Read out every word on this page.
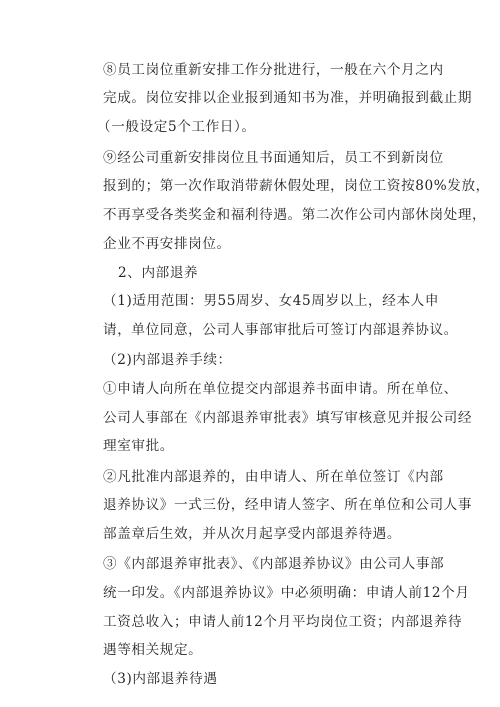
⑧员工岗位重新安排工作分批进行，一般在六个月之内
完成。岗位安排以企业报到通知书为准，并明确报到截止期
（一般设定5个工作日）。
⑨经公司重新安排岗位且书面通知后，员工不到新岗位
报到的；第一次作取消带薪休假处理，岗位工资按80%发放，
不再享受各类奖金和福利待遇。第二次作公司内部休岗处理，
企业不再安排岗位。
2、内部退养
（1)适用范围：男55周岁、女45周岁以上，经本人申
请，单位同意，公司人事部审批后可签订内部退养协议。
（2)内部退养手续：
①申请人向所在单位提交内部退养书面申请。所在单位、
公司人事部在《内部退养审批表》填写审核意见并报公司经
理室审批。
②凡批准内部退养的，由申请人、所在单位签订《内部
退养协议》一式三份，经申请人签字、所在单位和公司人事
部盖章后生效，并从次月起享受内部退养待遇。
③《内部退养审批表》、《内部退养协议》由公司人事部
统一印发。《内部退养协议》中必须明确：申请人前12个月
工资总收入；申请人前12个月平均岗位工资；内部退养待
遇等相关规定。
（3)内部退养待遇
